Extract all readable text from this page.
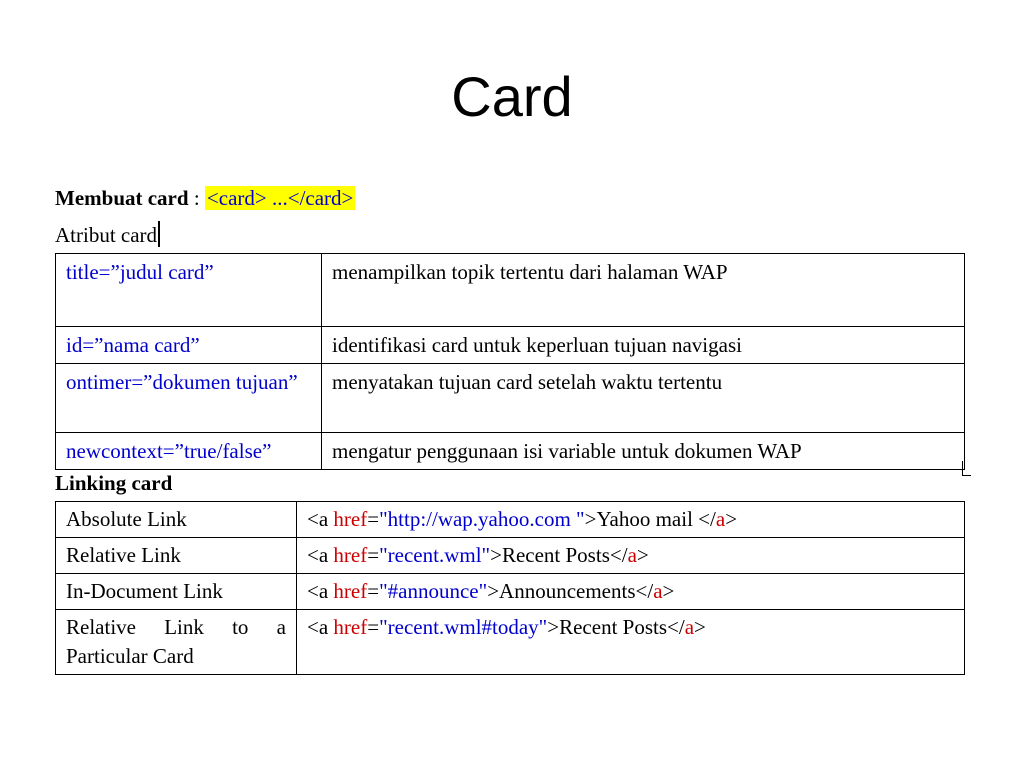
Card
Membuat card : <card> ...</card>
Atribut card
title=”judul card”	menampilkan topik tertentu dari halaman WAP
id=”nama card”	identifikasi card untuk keperluan tujuan navigasi
ontimer=”dokumen tujuan”	menyatakan tujuan card setelah waktu tertentu
newcontext=”true/false”	mengatur penggunaan isi variable untuk dokumen WAP
Linking card
Absolute Link	<a href="http://wap.yahoo.com ">Yahoo mail </a>
Relative Link	<a href="recent.wml">Recent Posts</a>
In-Document Link	<a href="#announce">Announcements</a>

Relative Link to a
Particular Card	<a href="recent.wml#today">Recent Posts</a>
